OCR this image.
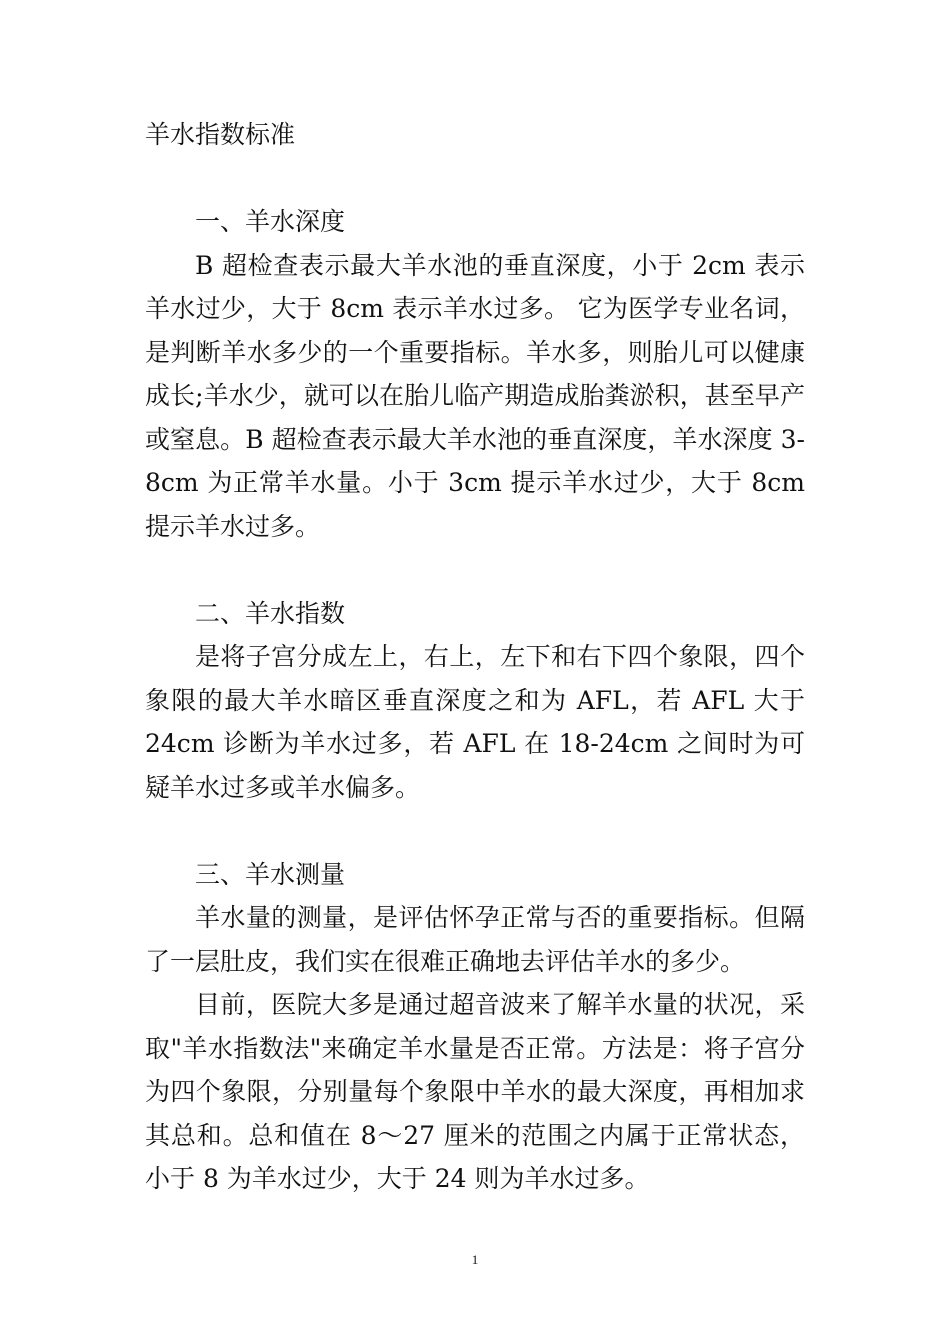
羊水指数标准
一、羊水深度

B 超检查表示最大羊水池的垂直深度，小于 2cm 表示羊水过少，大于 8cm 表示羊水过多。 它为医学专业名词，是判断羊水多少的一个重要指标。羊水多，则胎儿可以健康成长;羊水少，就可以在胎儿临产期造成胎粪淤积，甚至早产或窒息。B 超检查表示最大羊水池的垂直深度，羊水深度 3-8cm 为正常羊水量。小于 3cm 提示羊水过少，大于 8cm 提示羊水过多。

二、羊水指数

是将子宫分成左上，右上，左下和右下四个象限，四个象限的最大羊水暗区垂直深度之和为 AFL，若 AFL 大于 24cm 诊断为羊水过多，若 AFL 在 18-24cm 之间时为可疑羊水过多或羊水偏多。

三、羊水测量

羊水量的测量，是评估怀孕正常与否的重要指标。但隔了一层肚皮，我们实在很难正确地去评估羊水的多少。

目前，医院大多是通过超音波来了解羊水量的状况，采取"羊水指数法"来确定羊水量是否正常。方法是：将子宫分为四个象限，分别量每个象限中羊水的最大深度，再相加求其总和。总和值在 8～27 厘米的范围之内属于正常状态，小于 8 为羊水过少，大于 24 则为羊水过多。

1
